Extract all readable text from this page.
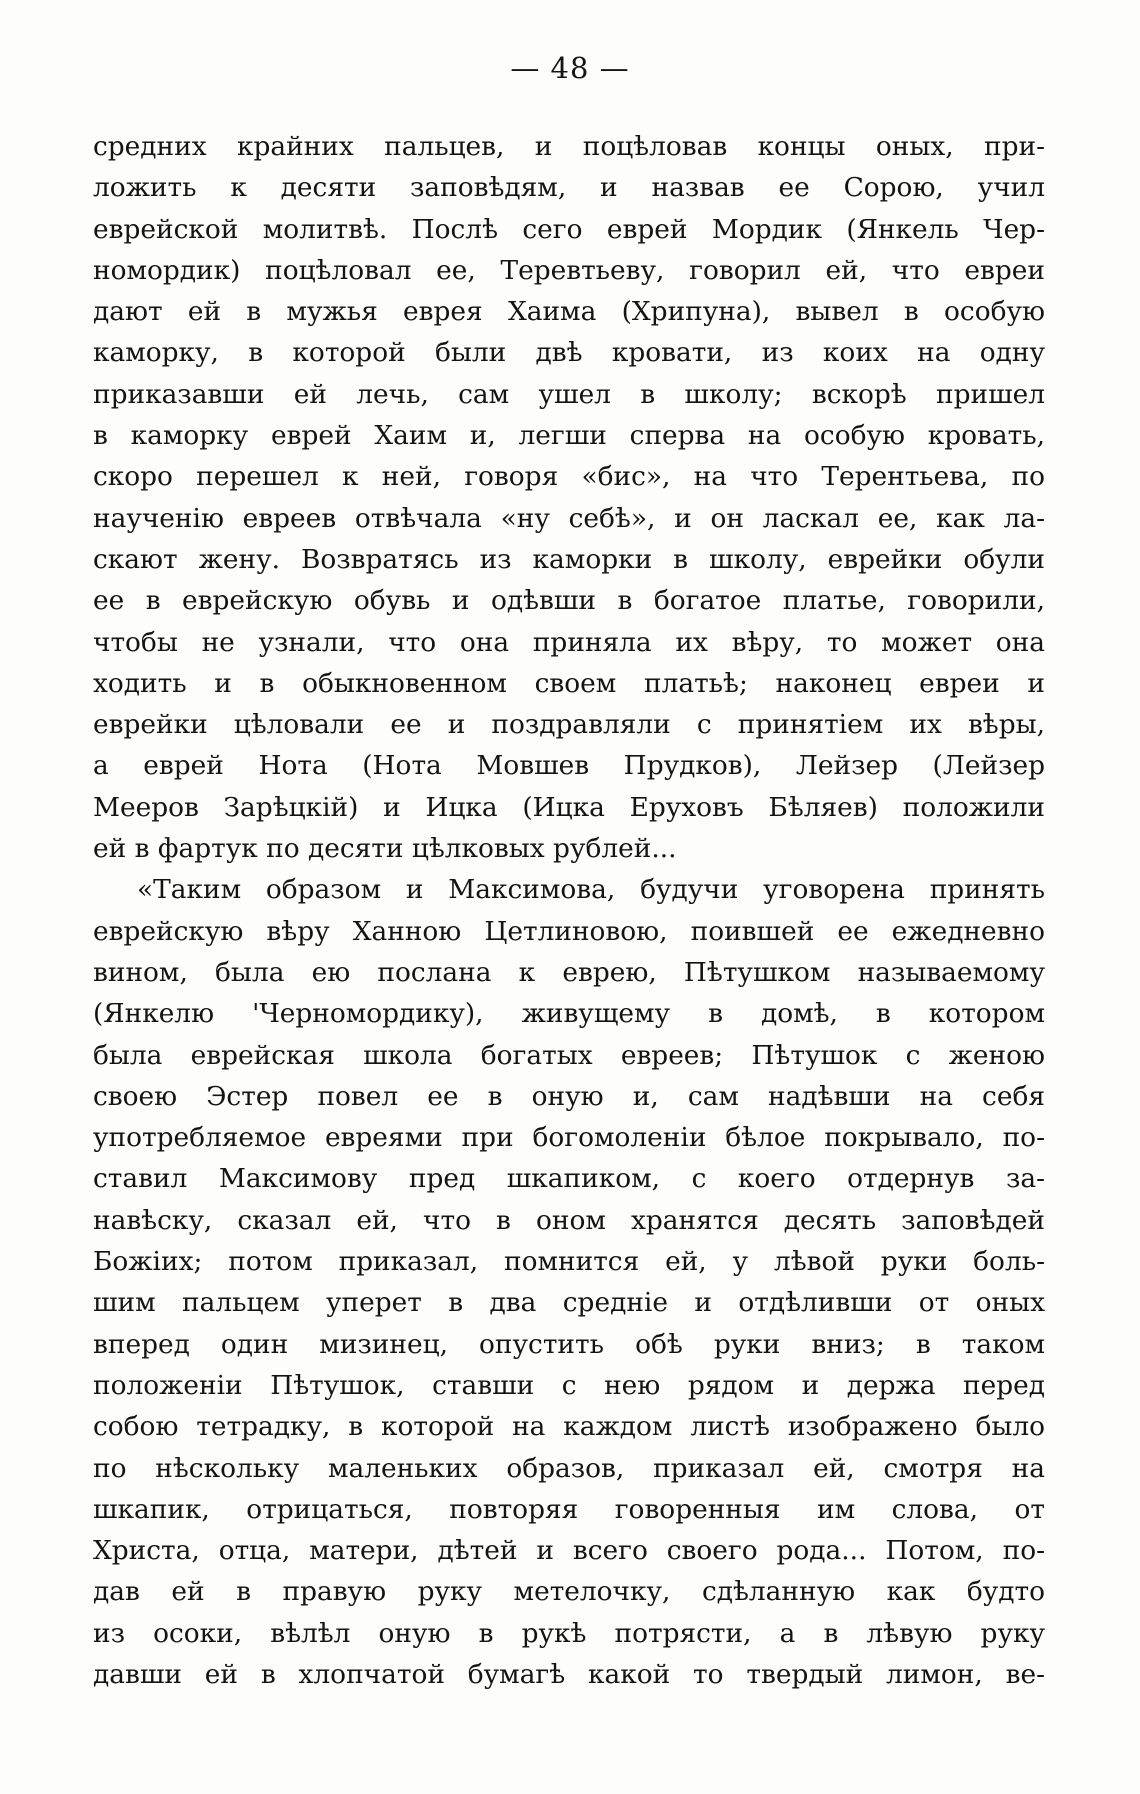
— 48 —
средних крайних пальцев, и поцѣловав концы оных, при-
ложить к десяти заповѣдям, и назвав ее Сорою, учил
еврейской молитвѣ. Послѣ сего еврей Мордик (Янкель Чер-
номордик) поцѣловал ее, Теревтьеву, говорил ей, что евреи
дают ей в мужья еврея Хаима (Хрипуна), вывел в особую
каморку, в которой были двѣ кровати, из коих на одну
приказавши ей лечь, сам ушел в школу; вскорѣ пришел
в каморку еврей Хаим и, легши сперва на особую кровать,
скоро перешел к ней, говоря «бис», на что Терентьева, по
наученію евреев отвѣчала «ну себѣ», и он ласкал ее, как ла-
скают жену. Возвратясь из каморки в школу, еврейки обули
ее в еврейскую обувь и одѣвши в богатое платье, говорили,
чтобы не узнали, что она приняла их вѣру, то может она
ходить и в обыкновенном своем платьѣ; наконец евреи и
еврейки цѣловали ее и поздравляли с принятіем их вѣры,
а еврей Нота (Нота Мовшев Прудков), Лейзер (Лейзер
Мееров Зарѣцкій) и Ицка (Ицка Еруховъ Бѣляев) положили
ей в фартук по десяти цѣлковых рублей...
«Таким образом и Максимова, будучи уговорена принять
еврейскую вѣру Ханною Цетлиновою, поившей ее ежедневно
вином, была ею послана к еврею, Пѣтушком называемому
(Янкелю 'Черномордику), живущему в домѣ, в котором
была еврейская школа богатых евреев; Пѣтушок с женою
своею Эстер повел ее в оную и, сам надѣвши на себя
употребляемое евреями при богомоленіи бѣлое покрывало, по-
ставил Максимову пред шкапиком, с коего отдернув за-
навѣску, сказал ей, что в оном хранятся десять заповѣдей
Божіих; потом приказал, помнится ей, у лѣвой руки боль-
шим пальцем уперет в два средніе и отдѣливши от оных
вперед один мизинец, опустить обѣ руки вниз; в таком
положеніи Пѣтушок, ставши с нею рядом и держа перед
собою тетрадку, в которой на каждом листѣ изображено было
по нѣскольку маленьких образов, приказал ей, смотря на
шкапик, отрицаться, повторяя говоренныя им слова, от
Христа, отца, матери, дѣтей и всего своего рода... Потом, по-
дав ей в правую руку метелочку, сдѣланную как будто
из осоки, вѣлѣл оную в рукѣ потрясти, а в лѣвую руку
давши ей в хлопчатой бумагѣ какой то твердый лимон, ве-
